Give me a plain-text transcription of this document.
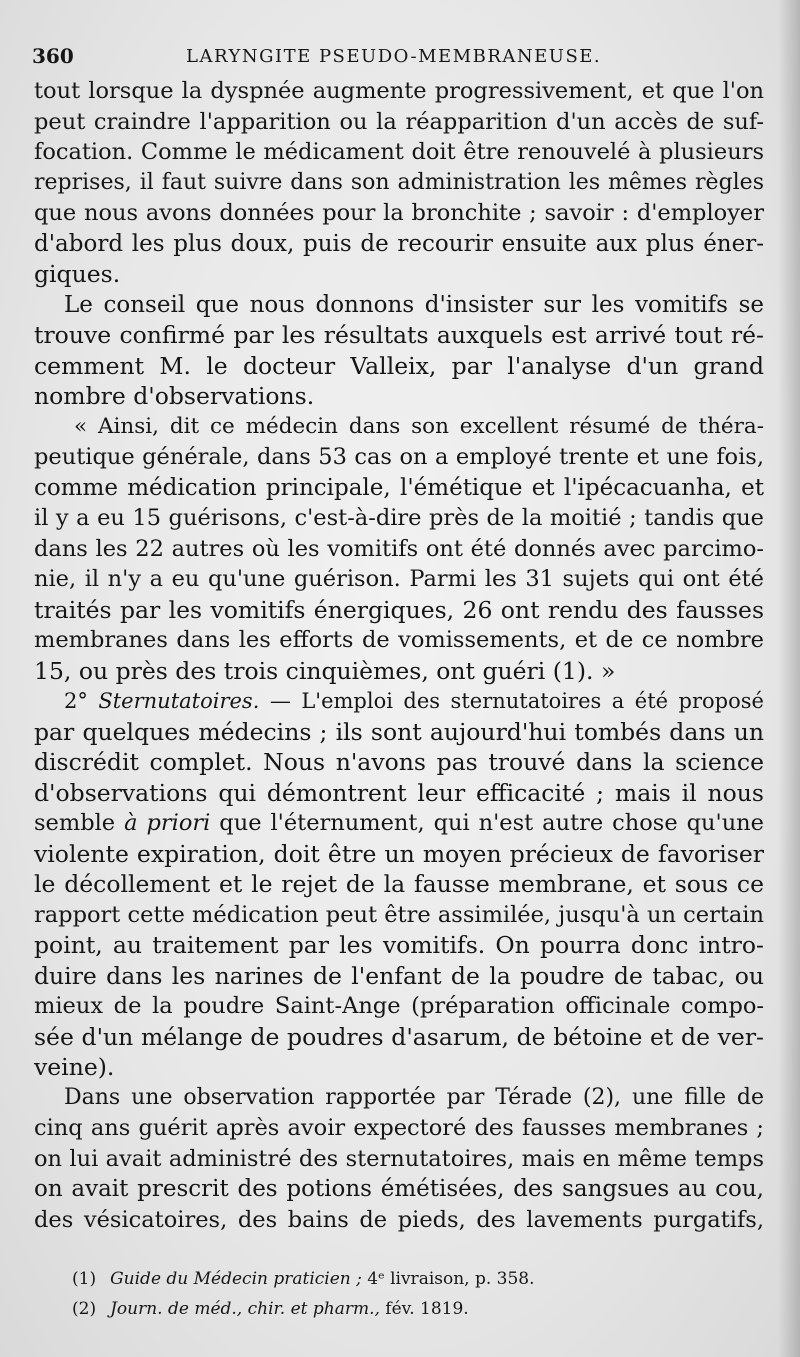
360	LARYNGITE PSEUDO-MEMBRANEUSE.
tout lorsque la dyspnée augmente progressivement, et que l'on
peut craindre l'apparition ou la réapparition d'un accès de suf-
focation. Comme le médicament doit être renouvelé à plusieurs
reprises, il faut suivre dans son administration les mêmes règles
que nous avons données pour la bronchite ; savoir : d'employer
d'abord les plus doux, puis de recourir ensuite aux plus éner-
giques.
Le conseil que nous donnons d'insister sur les vomitifs se
trouve confirmé par les résultats auxquels est arrivé tout ré-
cemment M. le docteur Valleix, par l'analyse d'un grand
nombre d'observations.
« Ainsi, dit ce médecin dans son excellent résumé de théra-
peutique générale, dans 53 cas on a employé trente et une fois,
comme médication principale, l'émétique et l'ipécacuanha, et
il y a eu 15 guérisons, c'est-à-dire près de la moitié ; tandis que
dans les 22 autres où les vomitifs ont été donnés avec parcimo-
nie, il n'y a eu qu'une guérison. Parmi les 31 sujets qui ont été
traités par les vomitifs énergiques, 26 ont rendu des fausses
membranes dans les efforts de vomissements, et de ce nombre
15, ou près des trois cinquièmes, ont guéri (1). »
2° Sternutatoires. — L'emploi des sternutatoires a été proposé
par quelques médecins ; ils sont aujourd'hui tombés dans un
discrédit complet. Nous n'avons pas trouvé dans la science
d'observations qui démontrent leur efficacité ; mais il nous
semble à priori que l'éternument, qui n'est autre chose qu'une
violente expiration, doit être un moyen précieux de favoriser
le décollement et le rejet de la fausse membrane, et sous ce
rapport cette médication peut être assimilée, jusqu'à un certain
point, au traitement par les vomitifs. On pourra donc intro-
duire dans les narines de l'enfant de la poudre de tabac, ou
mieux de la poudre Saint-Ange (préparation officinale compo-
sée d'un mélange de poudres d'asarum, de bétoine et de ver-
veine).
Dans une observation rapportée par Térade (2), une fille de
cinq ans guérit après avoir expectoré des fausses membranes ;
on lui avait administré des sternutatoires, mais en même temps
on avait prescrit des potions émétisées, des sangsues au cou,
des vésicatoires, des bains de pieds, des lavements purgatifs,
(1) Guide du Médecin praticien ; 4ᵉ livraison, p. 358.
(2) Journ. de méd., chir. et pharm., fév. 1819.
